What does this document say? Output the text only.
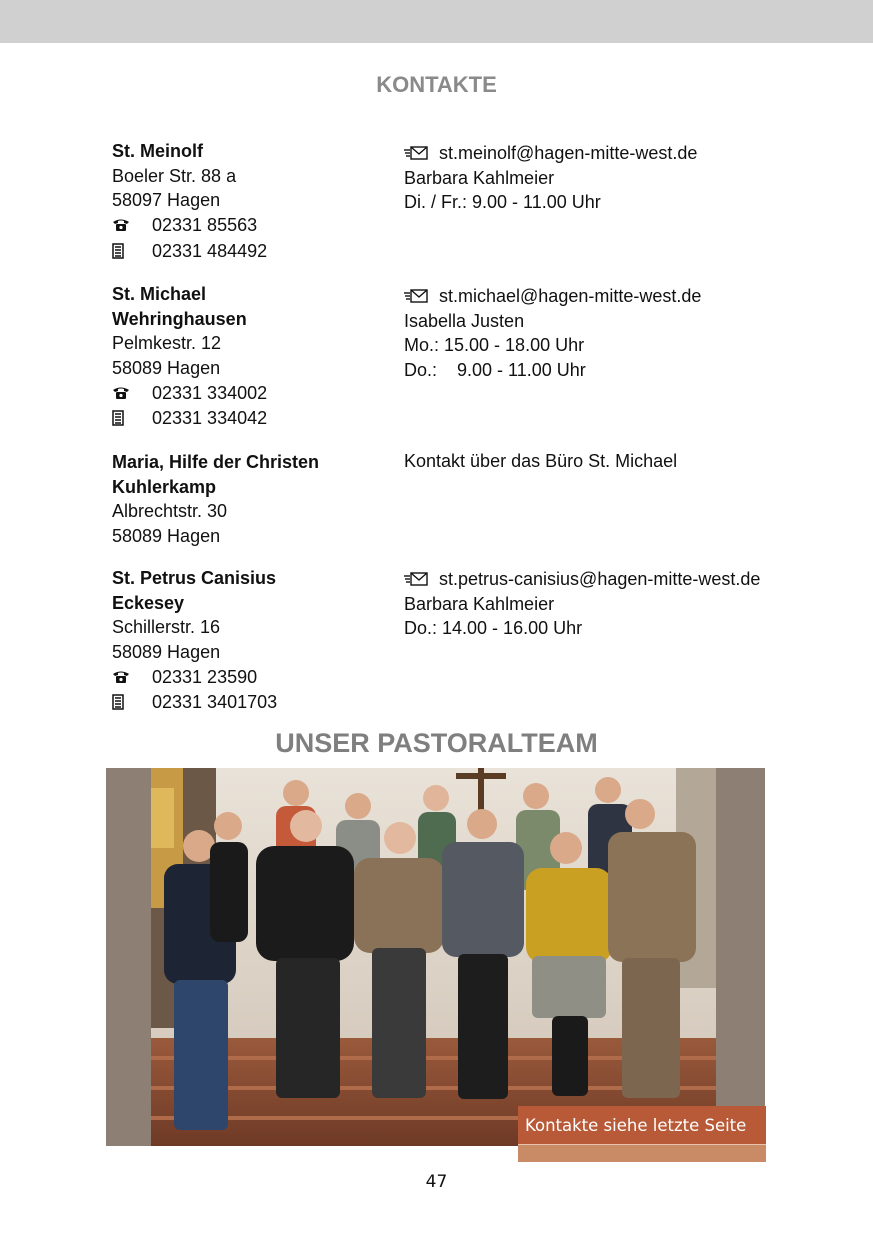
KONTAKTE
St. Meinolf
Boeler Str. 88 a
58097 Hagen
02331 85563
02331 484492
st.meinolf@hagen-mitte-west.de
Barbara Kahlmeier
Di. / Fr.: 9.00 - 11.00 Uhr
St. Michael
Wehringhausen
Pelmkestr. 12
58089 Hagen
02331 334002
02331 334042
st.michael@hagen-mitte-west.de
Isabella Justen
Mo.: 15.00 - 18.00 Uhr
Do.:    9.00 - 11.00 Uhr
Maria, Hilfe der Christen
Kuhlerkamp
Albrechtstr. 30
58089 Hagen
Kontakt über das Büro St. Michael
St. Petrus Canisius
Eckesey
Schillerstr. 16
58089 Hagen
02331 23590
02331 3401703
st.petrus-canisius@hagen-mitte-west.de
Barbara Kahlmeier
Do.: 14.00 - 16.00 Uhr
UNSER PASTORALTEAM
Kontakte siehe letzte Seite
47
